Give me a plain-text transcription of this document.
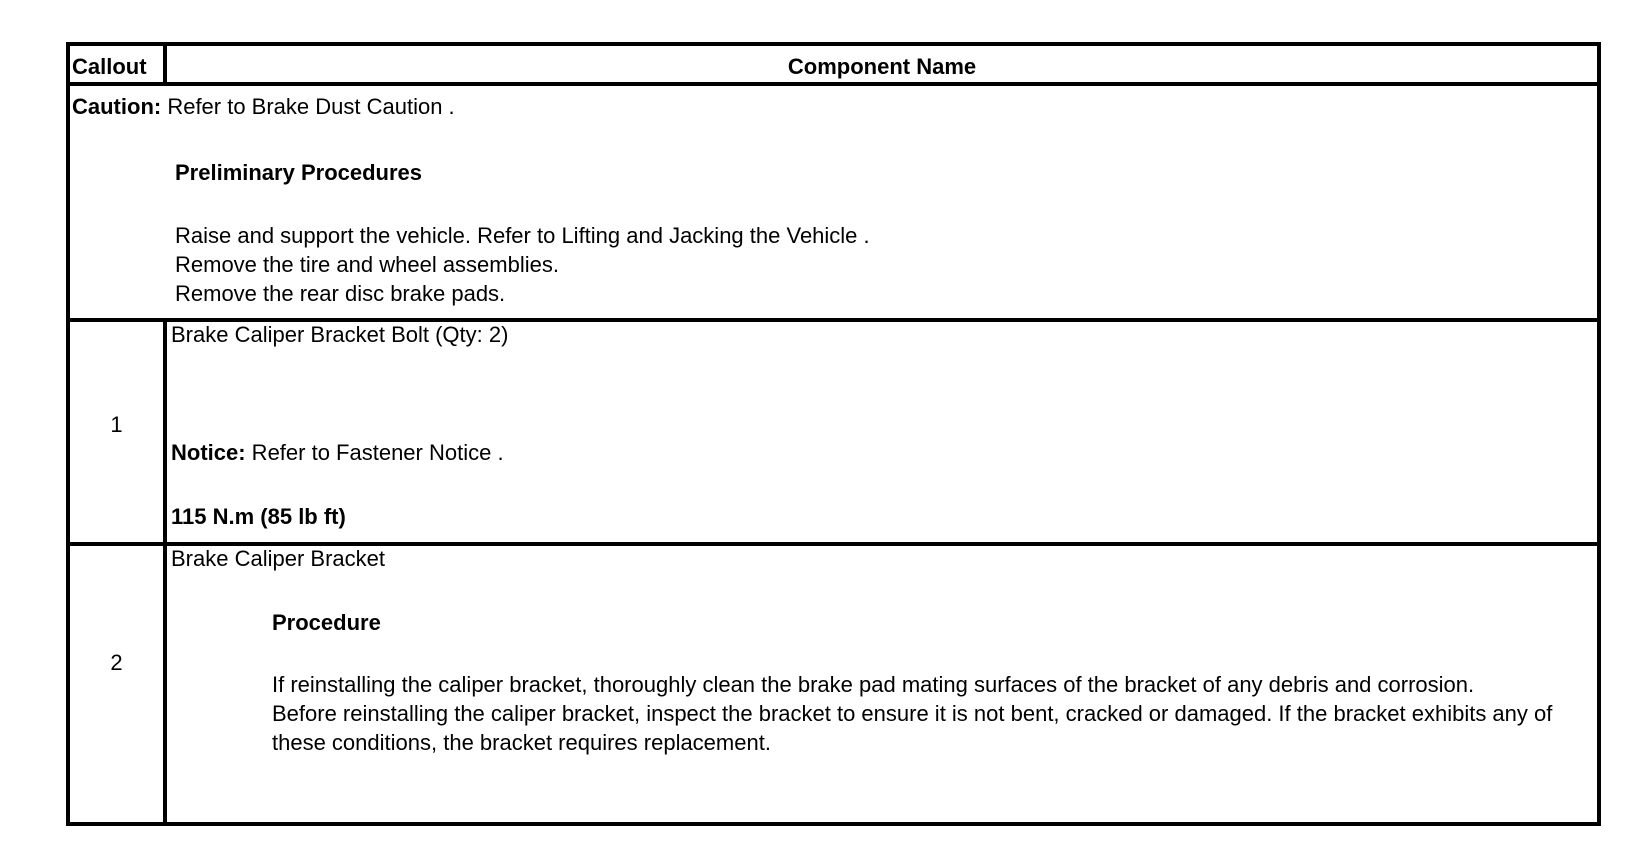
Callout	Component Name
Caution: Refer to Brake Dust Caution .
Preliminary Procedures
Raise and support the vehicle. Refer to Lifting and Jacking the Vehicle .
Remove the tire and wheel assemblies.
Remove the rear disc brake pads.
1
Brake Caliper Bracket Bolt (Qty: 2)
Notice: Refer to Fastener Notice .
115 N.m (85 lb ft)
2
Brake Caliper Bracket
Procedure
If reinstalling the caliper bracket, thoroughly clean the brake pad mating surfaces of the bracket of any debris and corrosion.
Before reinstalling the caliper bracket, inspect the bracket to ensure it is not bent, cracked or damaged. If the bracket exhibits any of these conditions, the bracket requires replacement.
